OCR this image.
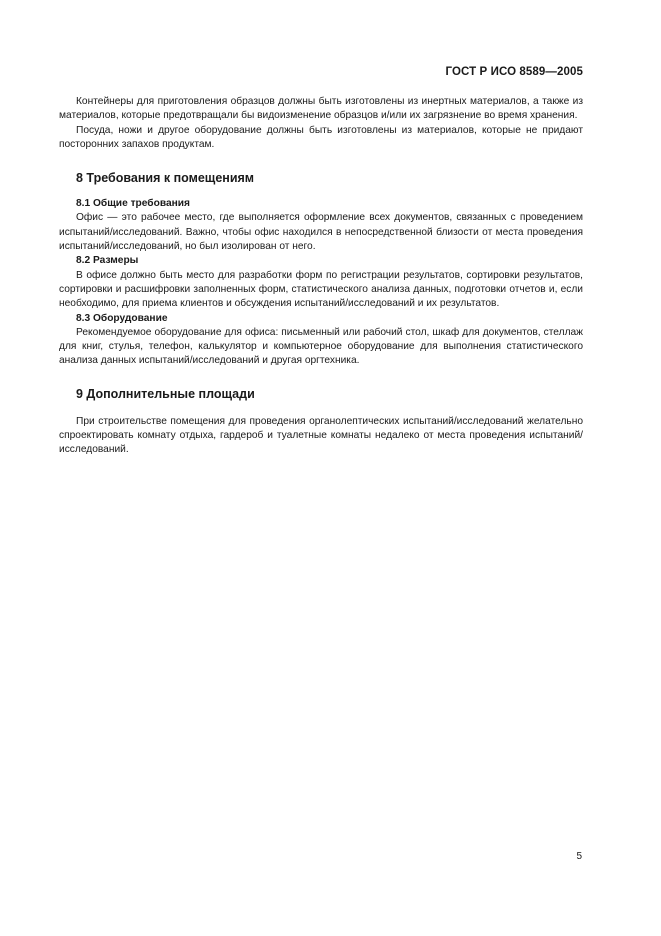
ГОСТ Р ИСО 8589—2005

Контейнеры для приготовления образцов должны быть изготовлены из инертных материалов, а также из материалов, которые предотвращали бы видоизменение образцов и/или их загрязнение во время хранения.

Посуда, ножи и другое оборудование должны быть изготовлены из материалов, которые не придают посторонних запахов продуктам.

8 Требования к помещениям
8.1 Общие требования

Офис — это рабочее место, где выполняется оформление всех документов, связанных с проведением испытаний/исследований. Важно, чтобы офис находился в непосредственной близости от места проведения испытаний/исследований, но был изолирован от него.

8.2 Размеры

В офисе должно быть место для разработки форм по регистрации результатов, сортировки результатов, сортировки и расшифровки заполненных форм, статистического анализа данных, подготовки отчетов и, если необходимо, для приема клиентов и обсуждения испытаний/исследований и их результатов.

8.3 Оборудование

Рекомендуемое оборудование для офиса: письменный или рабочий стол, шкаф для документов, стеллаж для книг, стулья, телефон, калькулятор и компьютерное оборудование для выполнения статистического анализа данных испытаний/исследований и другая оргтехника.

9 Дополнительные площади

При строительстве помещения для проведения органолептических испытаний/исследований желательно спроектировать комнату отдыха, гардероб и туалетные комнаты недалеко от места проведения испытаний/исследований.

5
